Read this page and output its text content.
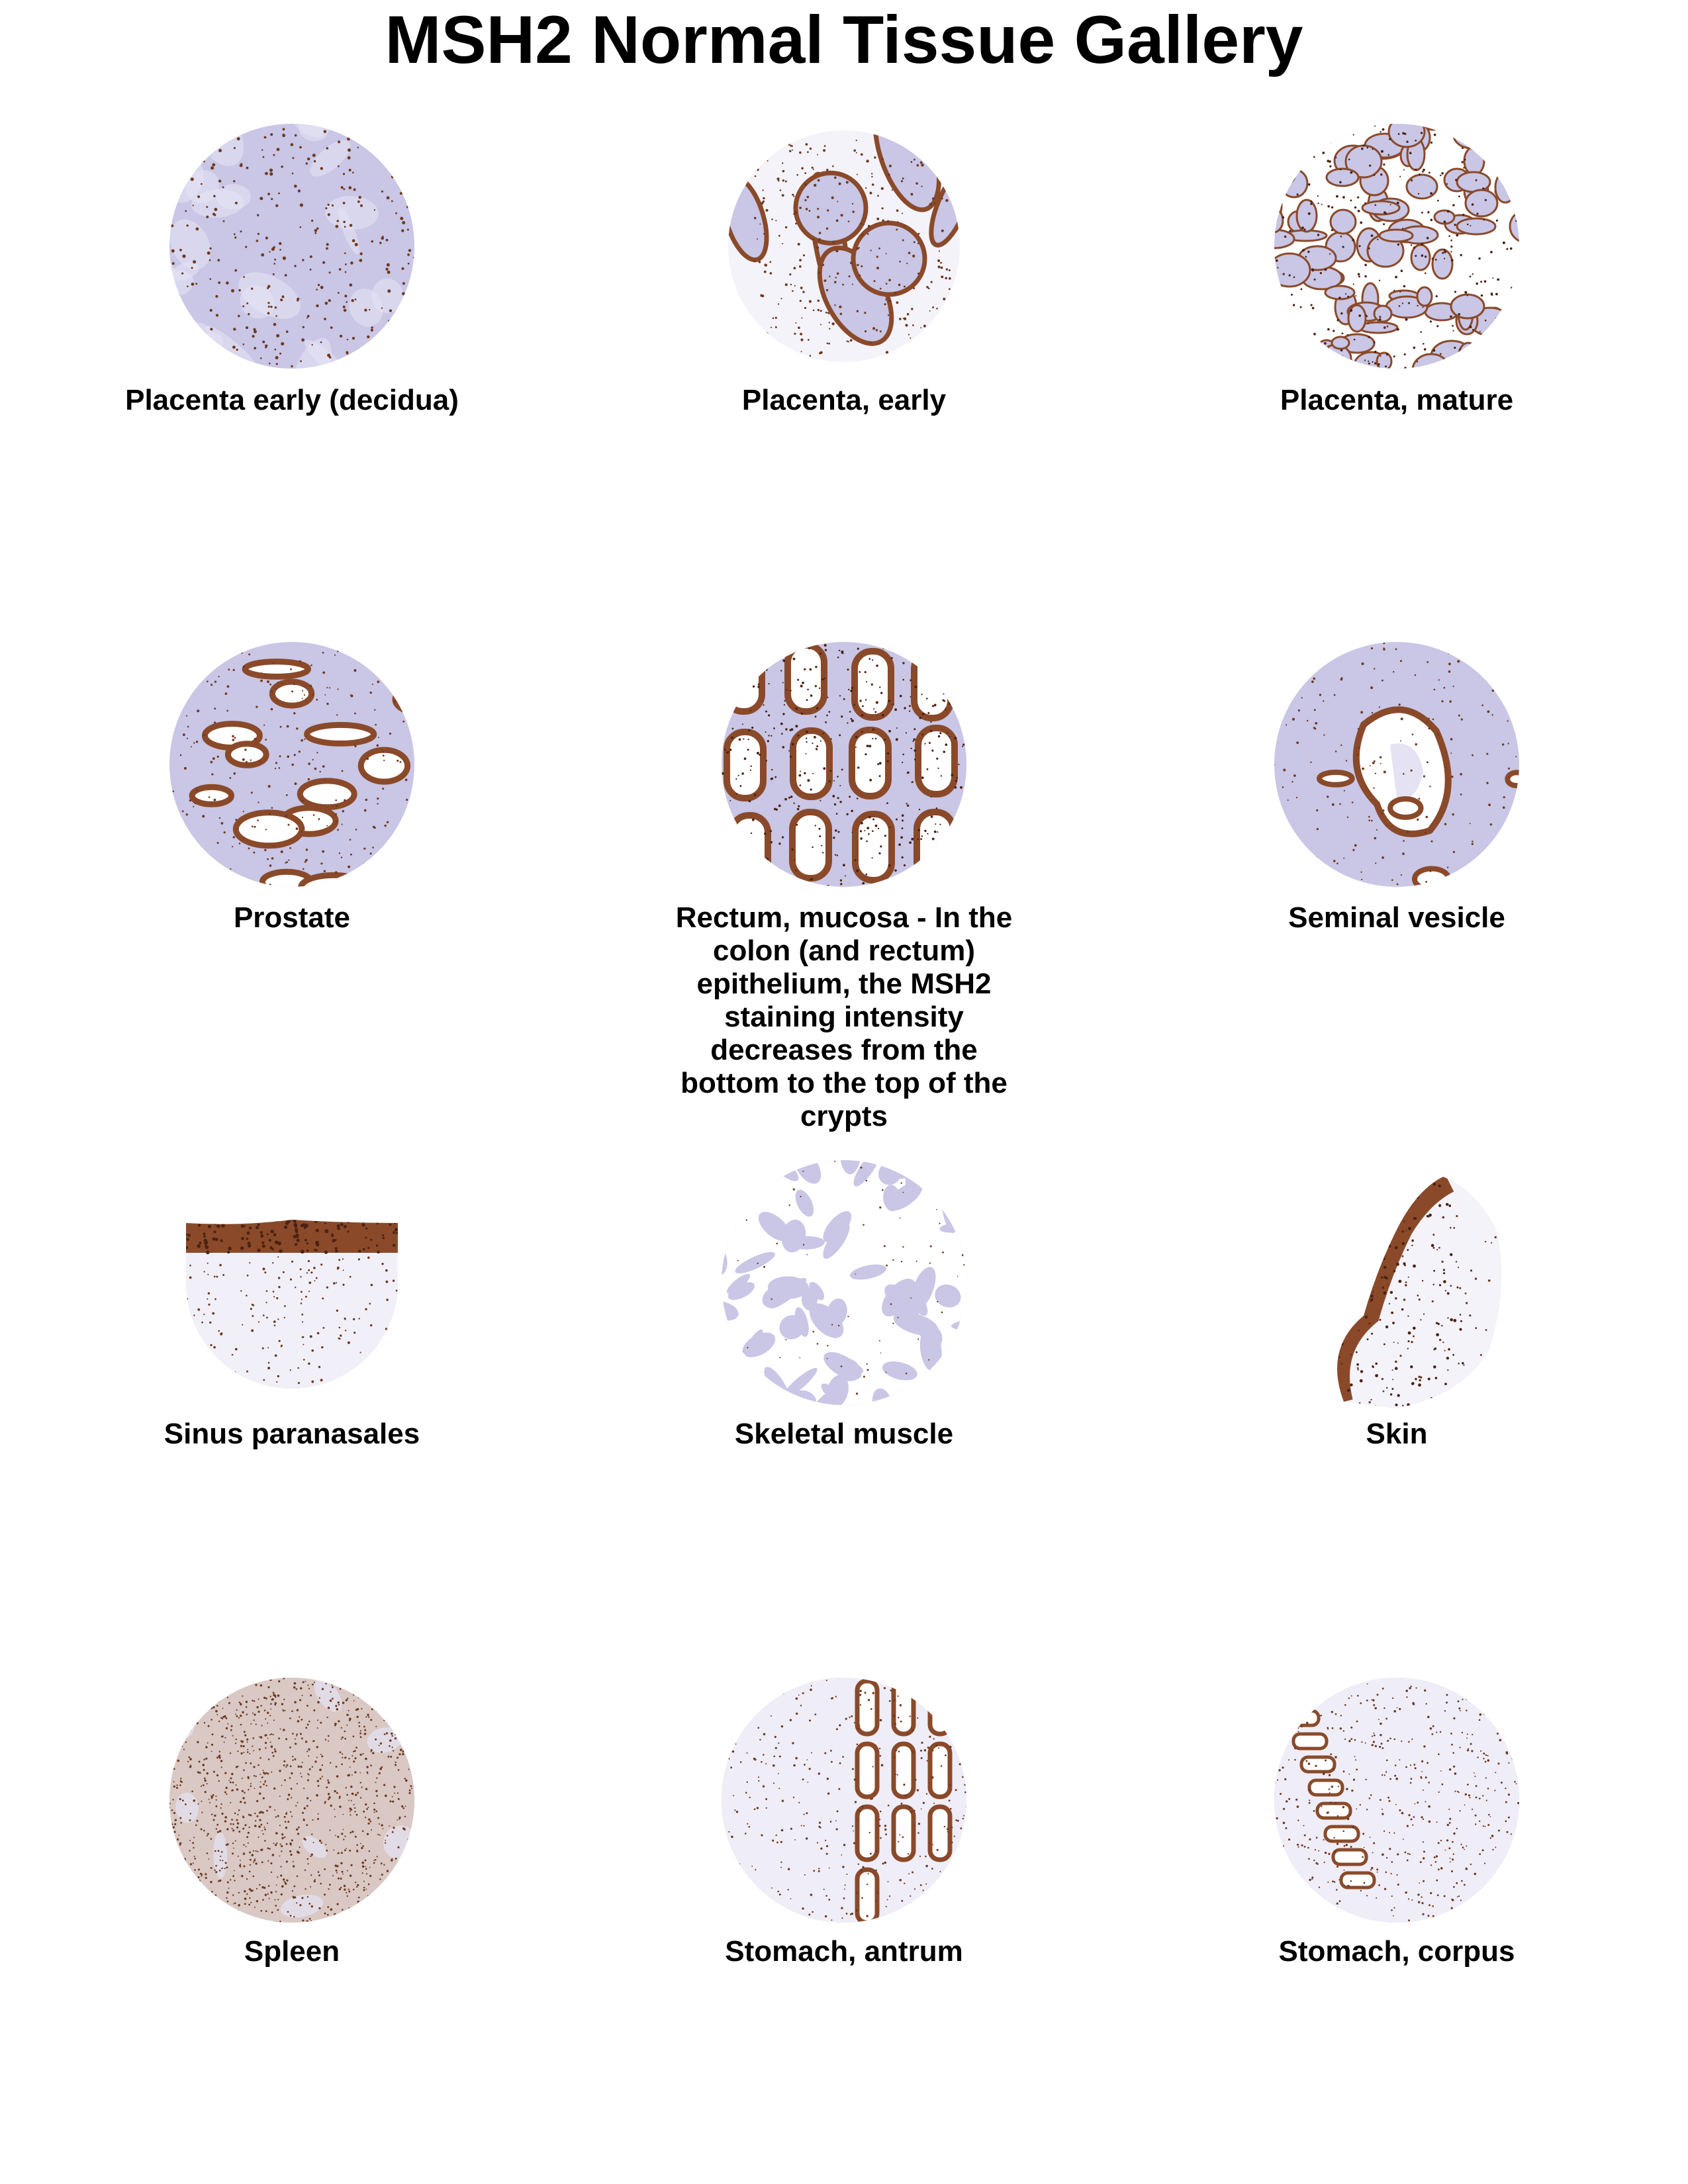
MSH2 Normal Tissue Gallery
Placenta early (decidua)	Placenta, early	Placenta, mature
Prostate	Rectum, mucosa - In the colon (and rectum) epithelium, the MSH2 staining intensity decreases from the bottom to the top of the crypts
Seminal vesicle
Sinus paranasales	Skeletal muscle	Skin
Spleen	Stomach, antrum	Stomach, corpus
